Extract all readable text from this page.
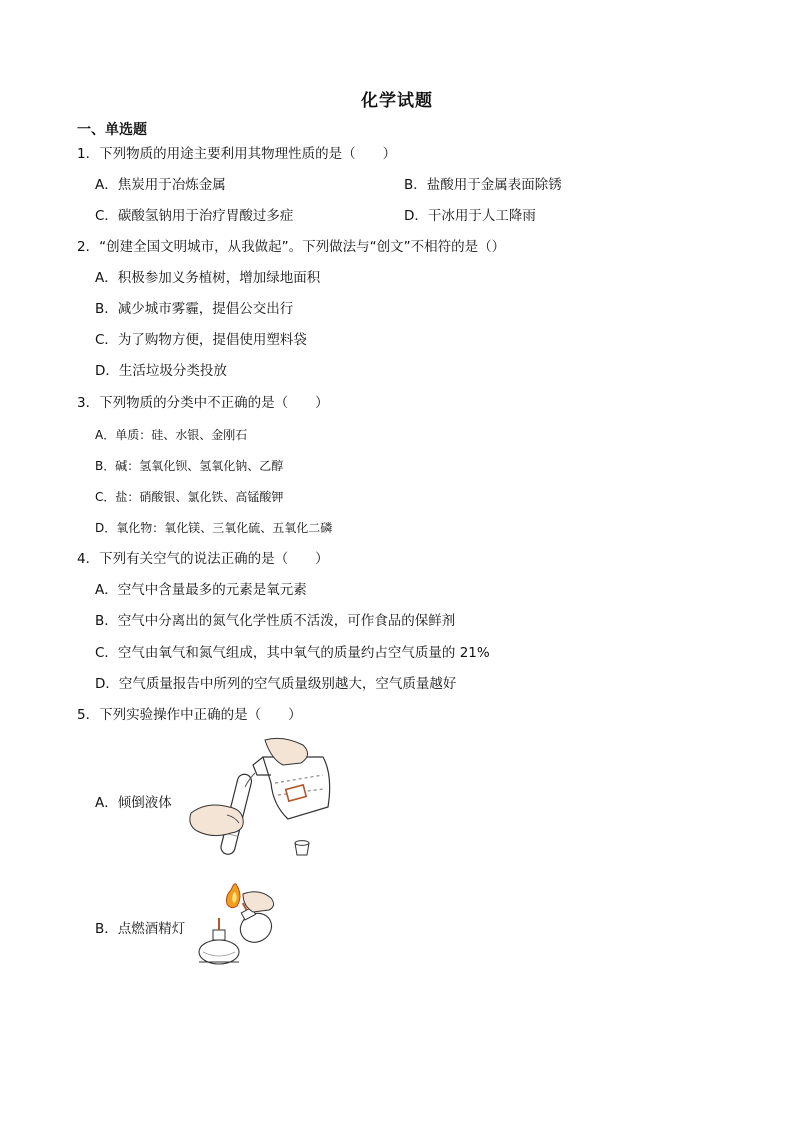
化学试题
一、单选题
1．下列物质的用途主要利用其物理性质的是（　　）
A．焦炭用于冶炼金属	B．盐酸用于金属表面除锈
C．碳酸氢钠用于治疗胃酸过多症	D．干冰用于人工降雨
2．“创建全国文明城市，从我做起”。下列做法与“创文”不相符的是（）
A．积极参加义务植树，增加绿地面积
B．减少城市雾霾，提倡公交出行
C．为了购物方便，提倡使用塑料袋
D．生活垃圾分类投放
3．下列物质的分类中不正确的是（　　）
A．单质：硅、水银、金刚石
B．碱：氢氧化钡、氢氧化钠、乙醇
C．盐：硝酸银、氯化铁、高锰酸钾
D．氧化物：氧化镁、三氧化硫、五氧化二磷
4．下列有关空气的说法正确的是（　　）
A．空气中含量最多的元素是氧元素
B．空气中分离出的氮气化学性质不活泼，可作食品的保鲜剂
C．空气由氧气和氮气组成，其中氧气的质量约占空气质量的 21%
D．空气质量报告中所列的空气质量级别越大，空气质量越好
5．下列实验操作中正确的是（　　）
A．倾倒液体
B．点燃酒精灯
